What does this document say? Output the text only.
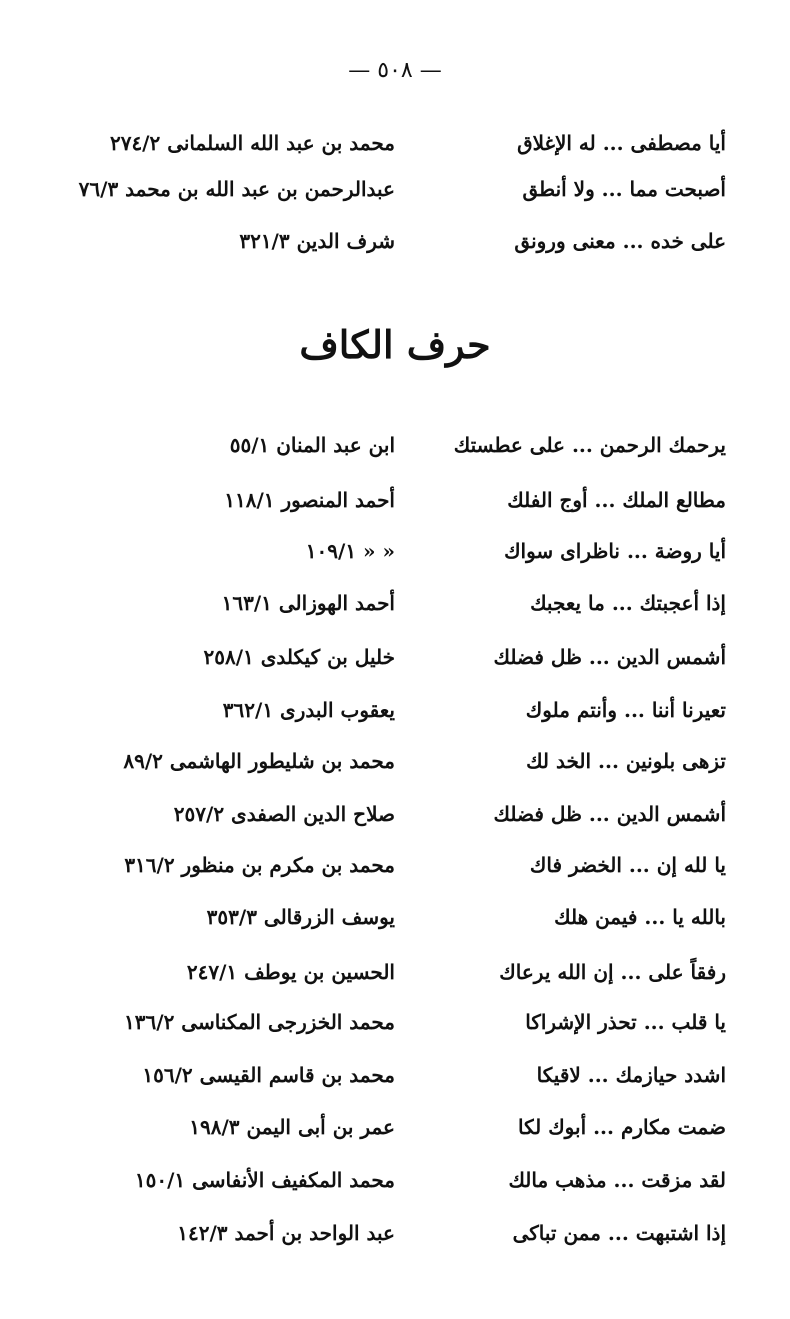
— ٥٠٨ —
أيا مصطفى ... له الإغلاق
محمد بن عبد الله السلمانى ٢٧٤/٢
أصبحت مما ... ولا أنطق
عبدالرحمن بن عبد الله بن محمد ٧٦/٣
على خده ... معنى ورونق
شرف الدين ٣٢١/٣
حرف الكاف
يرحمك الرحمن ... على عطستك
ابن عبد المنان ٥٥/١
مطالع الملك ... أوج الفلك
أحمد المنصور ١١٨/١
أيا روضة ... ناظراى سواك
« « ١٠٩/١
إذا أعجبتك ... ما يعجبك
أحمد الهوزالى ١٦٣/١
أشمس الدين ... ظل فضلك
خليل بن كيكلدى ٢٥٨/١
تعيرنا أننا ... وأنتم ملوك
يعقوب البدرى ٣٦٢/١
تزهى بلونين ... الخد لك
محمد بن شليطور الهاشمى ٨٩/٢
أشمس الدين ... ظل فضلك
صلاح الدين الصفدى ٢٥٧/٢
يا لله إن ... الخضر فاك
محمد بن مكرم بن منظور ٣١٦/٢
بالله يا ... فيمن هلك
يوسف الزرقالى ٣٥٣/٣
رفقاً على ... إن الله يرعاك
الحسين بن يوطف ٢٤٧/١
يا قلب ... تحذر الإشراكا
محمد الخزرجى المكناسى ١٣٦/٢
اشدد حيازمك ... لاقيكا
محمد بن قاسم القيسى ١٥٦/٢
ضمت مكارم ... أبوك لكا
عمر بن أبى اليمن ١٩٨/٣
لقد مزقت ... مذهب مالك
محمد المكفيف الأنفاسى ١٥٠/١
إذا اشتبهت ... ممن تباكى
عبد الواحد بن أحمد ١٤٢/٣
